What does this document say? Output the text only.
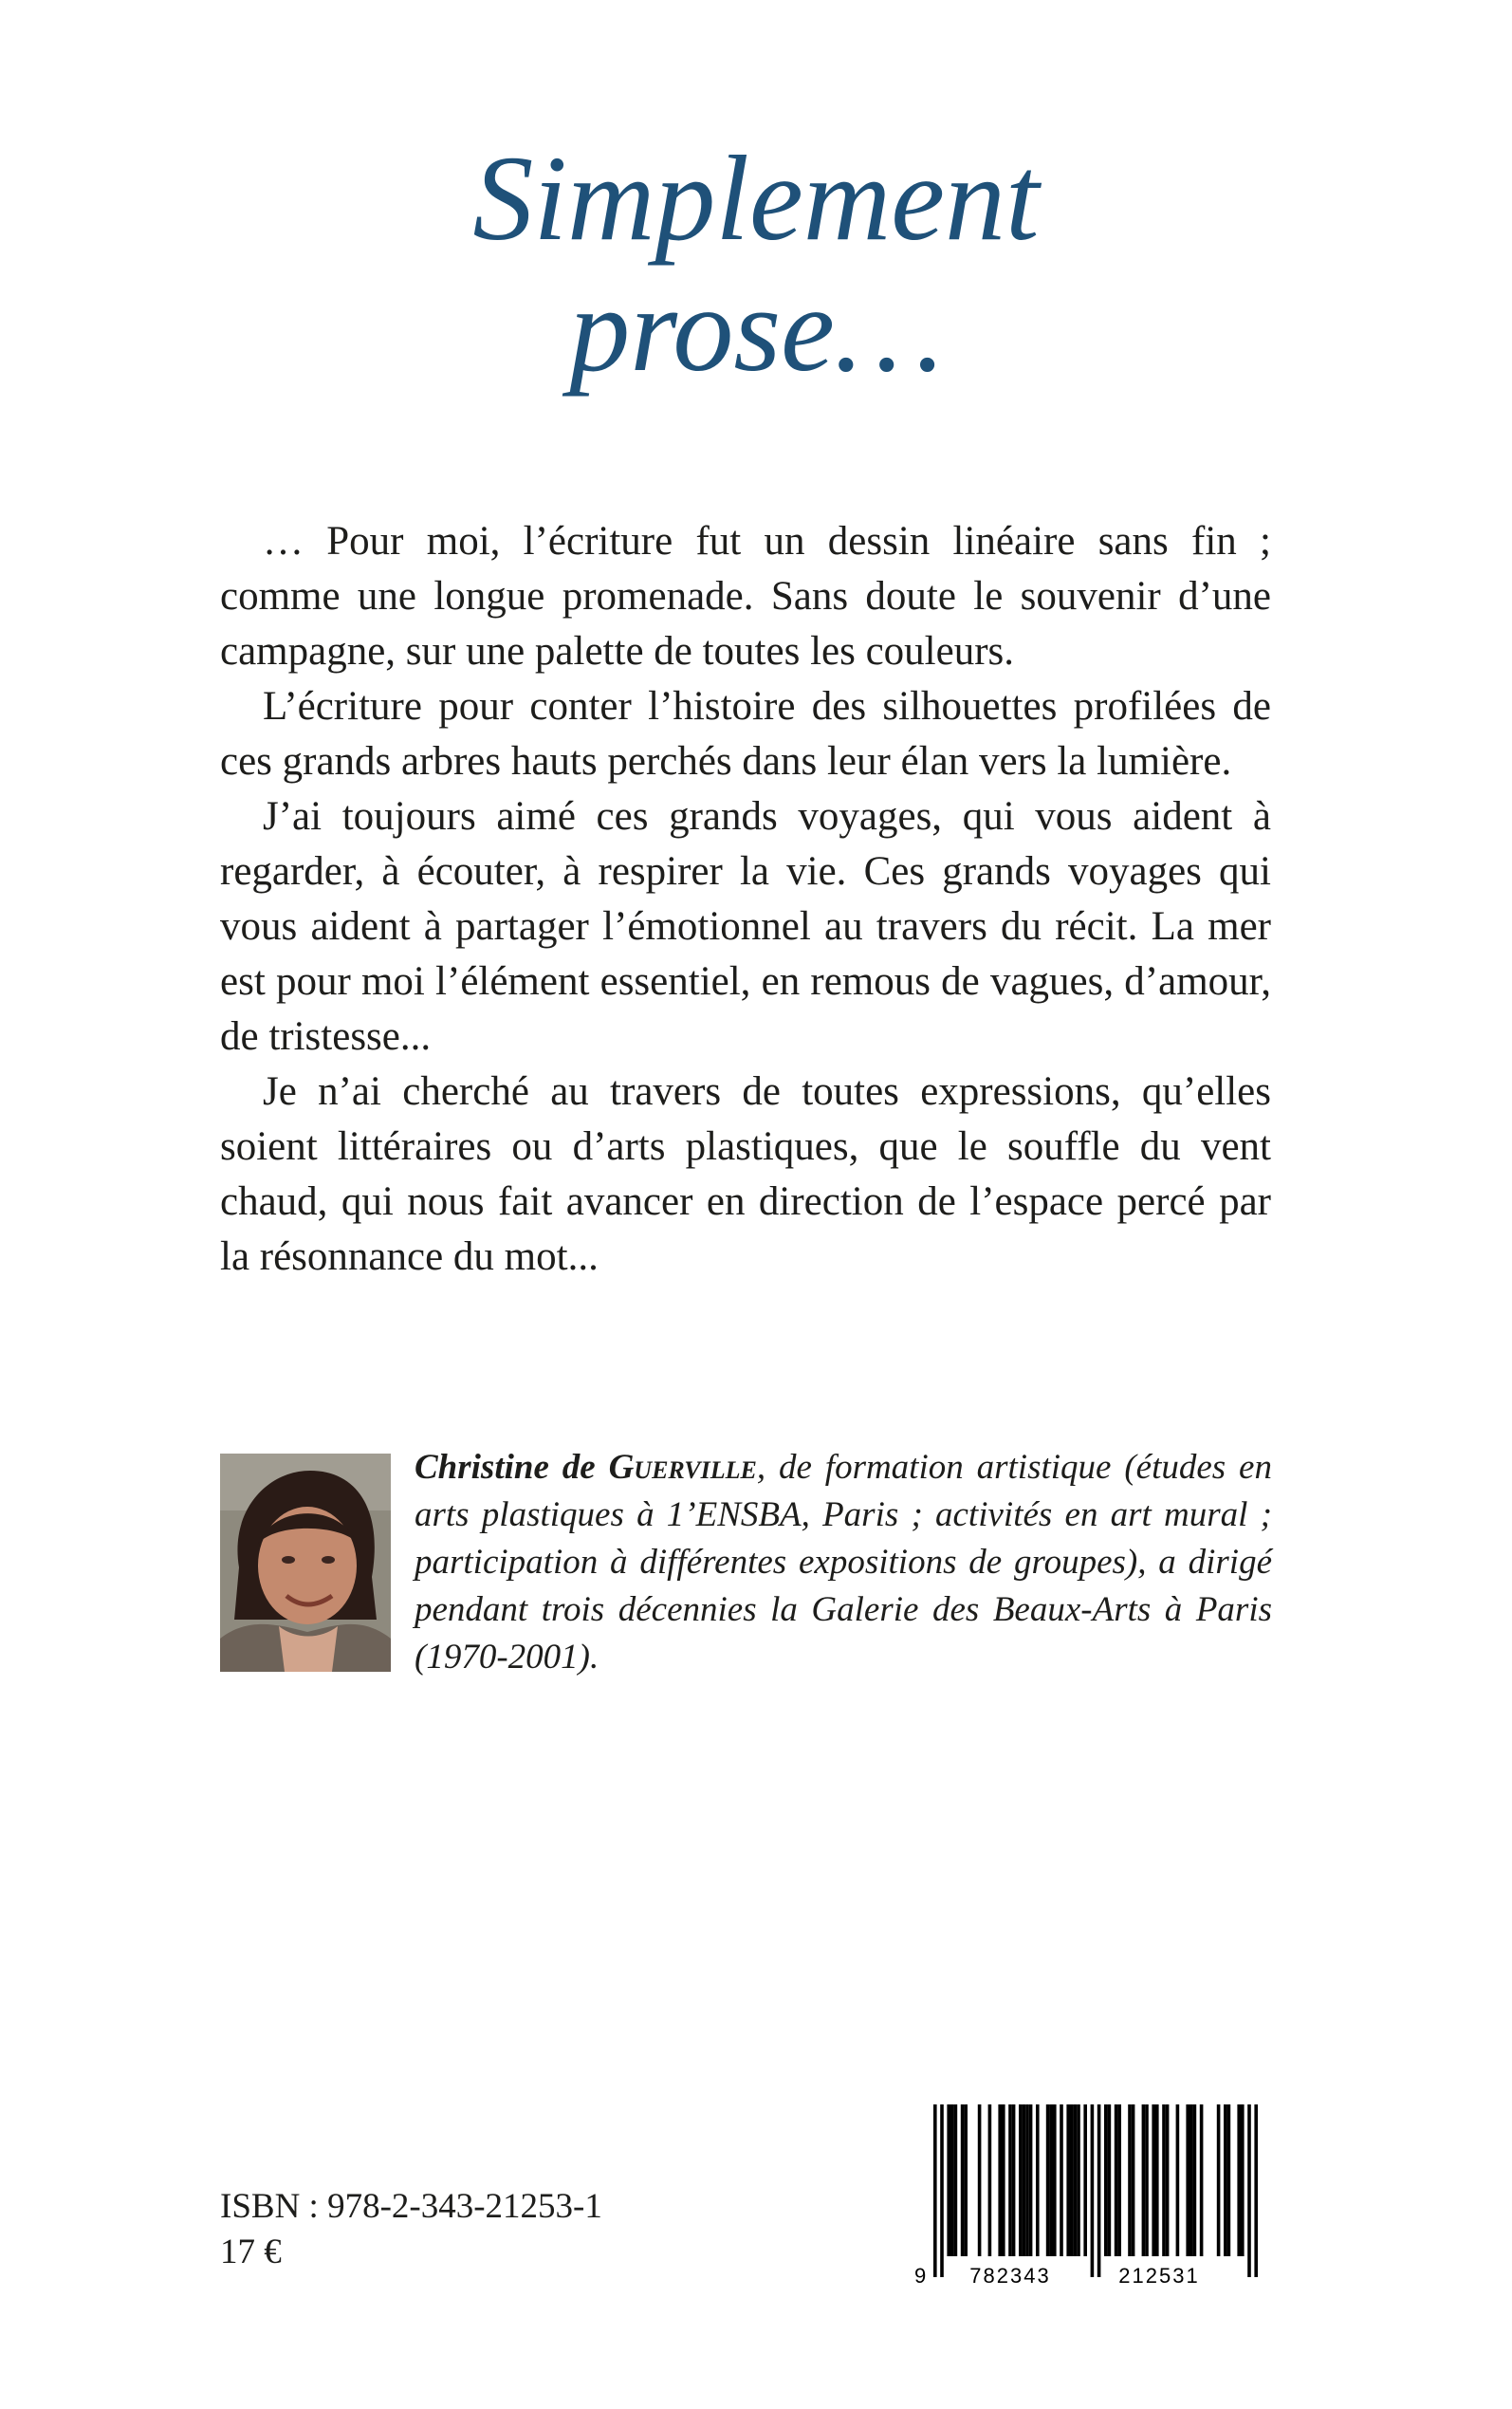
Simplement
prose…

… Pour moi, l’écriture fut un dessin linéaire sans fin ; comme une longue promenade. Sans doute le souvenir d’une campagne, sur une palette de toutes les couleurs.

L’écriture pour conter l’histoire des silhouettes profilées de ces grands arbres hauts perchés dans leur élan vers la lumière.

J’ai toujours aimé ces grands voyages, qui vous aident à regarder, à écouter, à respirer la vie. Ces grands voyages qui vous aident à partager l’émotionnel au travers du récit. La mer est pour moi l’élément essentiel, en remous de vagues, d’amour, de tristesse...

Je n’ai cherché au travers de toutes expressions, qu’elles soient littéraires ou d’arts plastiques, que le souffle du vent chaud, qui nous fait avancer en direction de l’espace percé par la résonnance du mot...

Christine de Guerville, de formation artistique (études en arts plastiques à 1’ENSBA, Paris ; activités en art mural ; participation à différentes expositions de groupes), a dirigé pendant trois décennies la Galerie des Beaux-Arts à Paris (1970-2001).
ISBN : 978-2-343-21253-1
17 €
9 782343	212531
